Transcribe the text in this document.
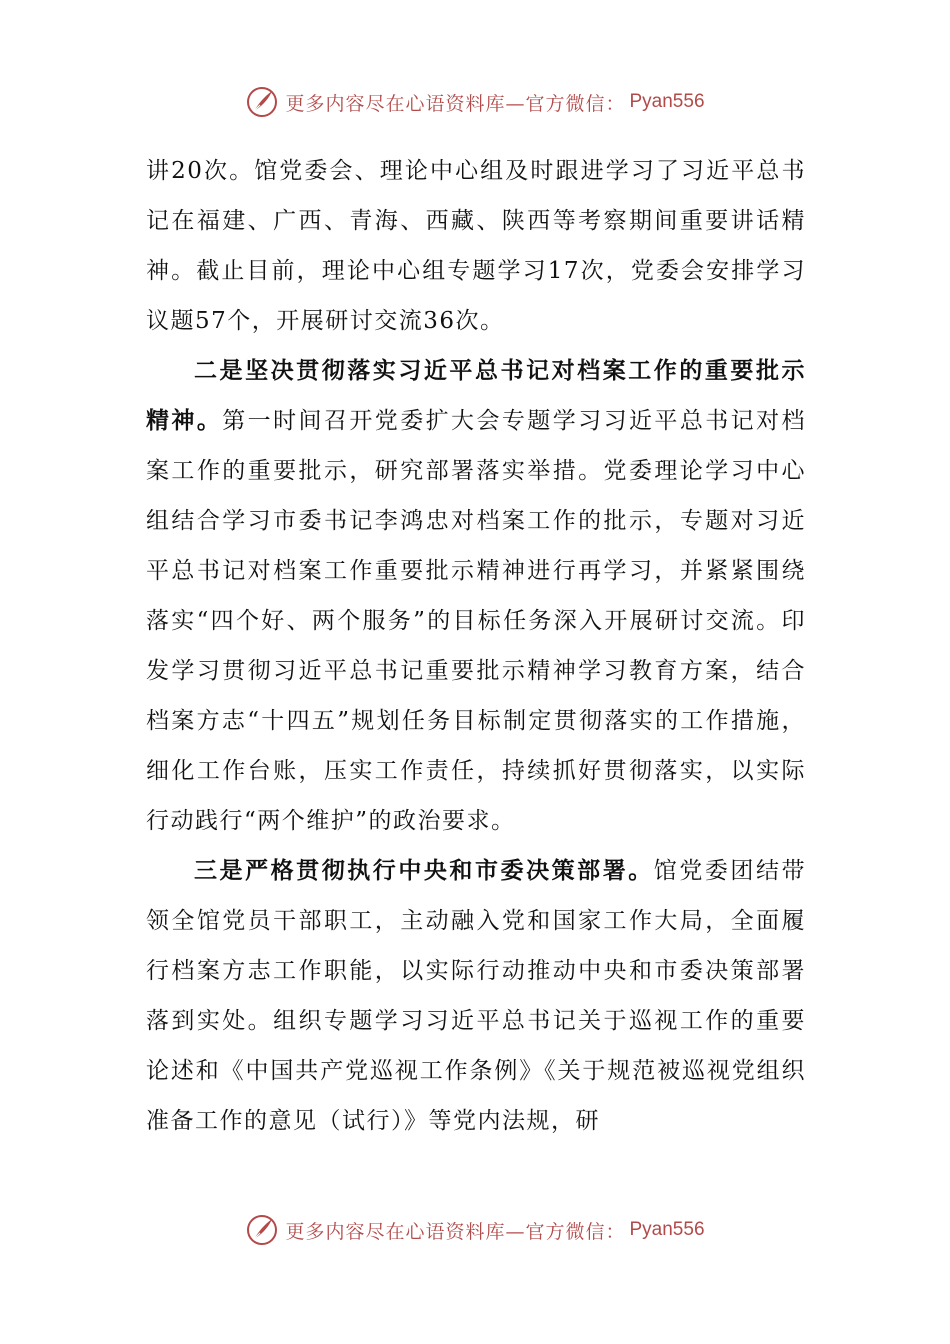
更多内容尽在心语资料库—官方微信： Pyan556

讲20次。馆党委会、理论中心组及时跟进学习了习近平总书记在福建、广西、青海、西藏、陕西等考察期间重要讲话精神。截止目前，理论中心组专题学习17次，党委会安排学习议题57个，开展研讨交流36次。

二是坚决贯彻落实习近平总书记对档案工作的重要批示精神。第一时间召开党委扩大会专题学习习近平总书记对档案工作的重要批示，研究部署落实举措。党委理论学习中心组结合学习市委书记李鸿忠对档案工作的批示，专题对习近平总书记对档案工作重要批示精神进行再学习，并紧紧围绕落实“四个好、两个服务”的目标任务深入开展研讨交流。印发学习贯彻习近平总书记重要批示精神学习教育方案，结合档案方志“十四五”规划任务目标制定贯彻落实的工作措施，细化工作台账，压实工作责任，持续抓好贯彻落实，以实际行动践行“两个维护”的政治要求。

三是严格贯彻执行中央和市委决策部署。馆党委团结带领全馆党员干部职工，主动融入党和国家工作大局，全面履行档案方志工作职能，以实际行动推动中央和市委决策部署落到实处。组织专题学习习近平总书记关于巡视工作的重要论述和《中国共产党巡视工作条例》《关于规范被巡视党组织准备工作的意见（试行）》等党内法规，研

更多内容尽在心语资料库—官方微信： Pyan556
